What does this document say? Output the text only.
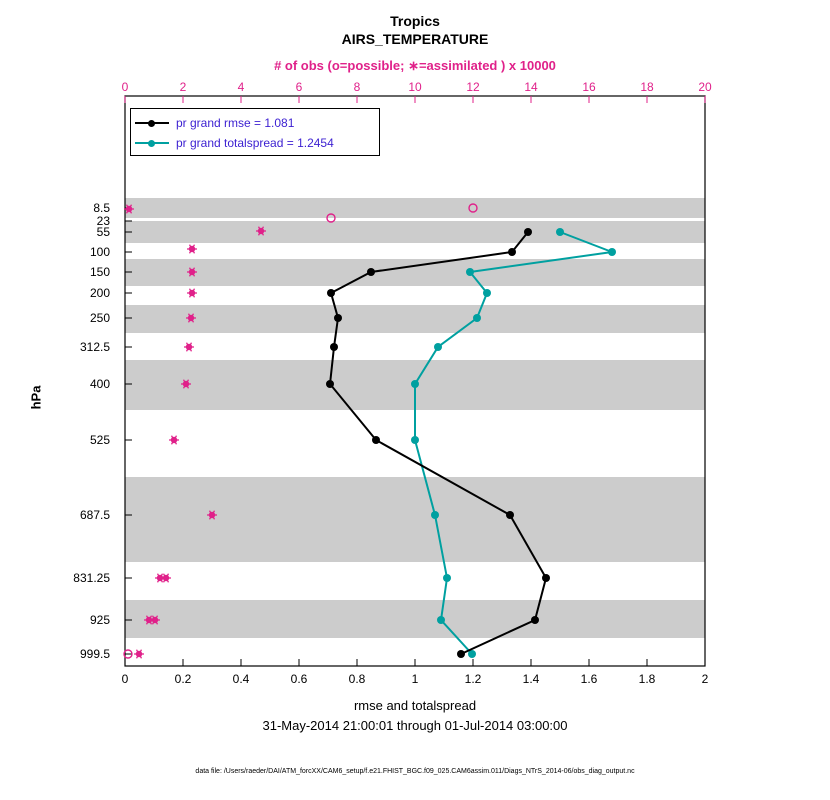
Tropics
AIRS_TEMPERATURE
# of obs (o=possible; ∗=assimilated ) x 10000
0	2	4	6	8	10	12	14	16	18	20
8.5
23
55
100
150
200
250
312.5
400
525
687.5
831.25
925
999.5
hPa
pr grand rmse = 1.081
pr grand totalspread = 1.2454
0	0.2	0.4	0.6	0.8	1	1.2	1.4	1.6	1.8	2
rmse and totalspread
31-May-2014 21:00:01 through 01-Jul-2014 03:00:00
data file: /Users/raeder/DAI/ATM_forcXX/CAM6_setup/f.e21.FHIST_BGC.f09_025.CAM6assim.011/Diags_NTrS_2014-06/obs_diag_output.nc
